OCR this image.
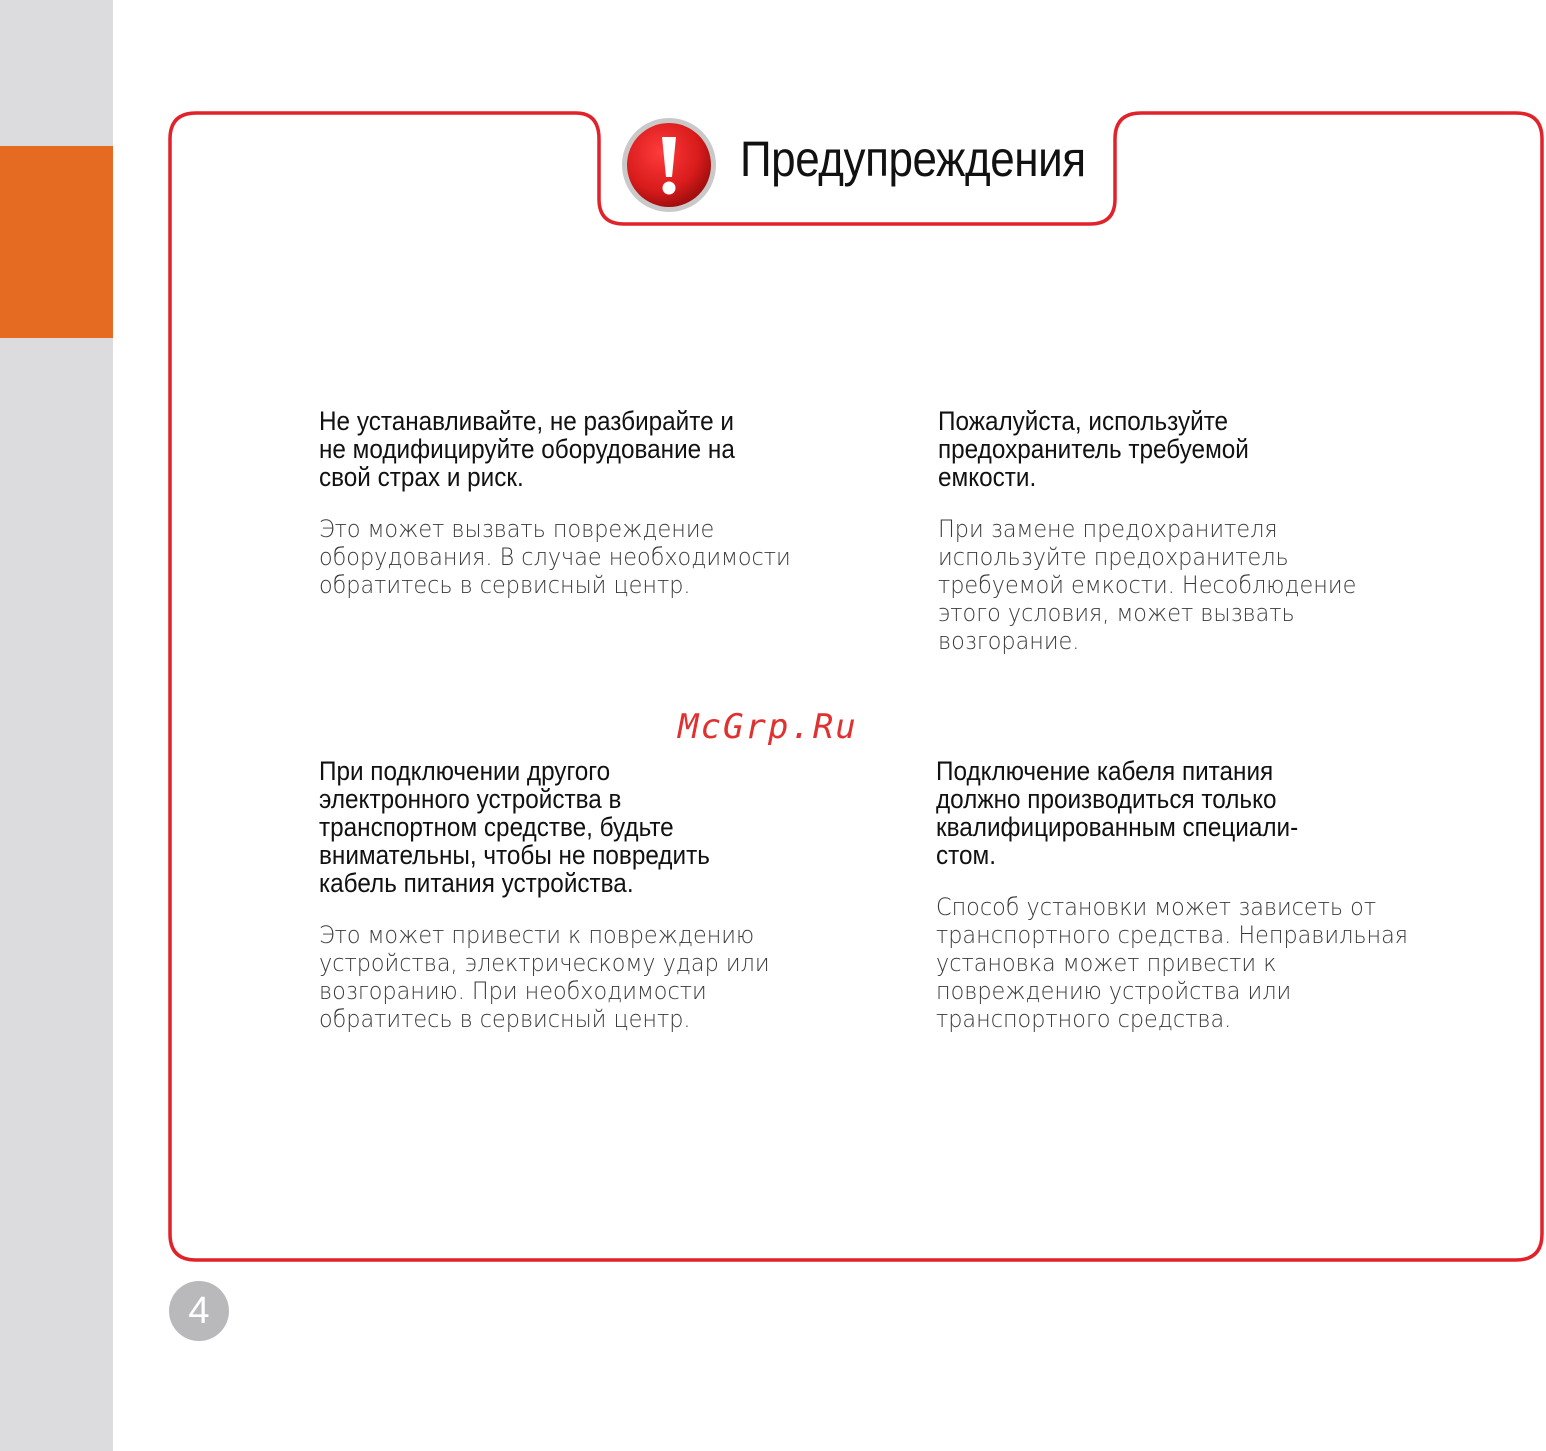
Предупреждения

Не устанавливайте, не разбирайте и
не модифицируйте оборудование на
свой страх и риск.

Это может вызвать повреждение
оборудования. В случае необходимости
обратитесь в сервисный центр.

Пожалуйста, используйте
предохранитель требуемой
емкости.

При замене предохранителя
используйте предохранитель
требуемой емкости. Несоблюдение
этого условия, может вызвать
возгорание.

При подключении другого
электронного устройства в
транспортном средстве, будьте
внимательны, чтобы не повредить
кабель питания устройства.

Это может привести к повреждению
устройства, электрическому удар или
возгоранию. При необходимости
обратитесь в сервисный центр.

Подключение кабеля питания
должно производиться только
квалифицированным специали-
стом.

Способ установки может зависеть от
транспортного средства. Неправильная
установка может привести к
повреждению устройства или
транспортного средства.

McGrp.Ru
4
